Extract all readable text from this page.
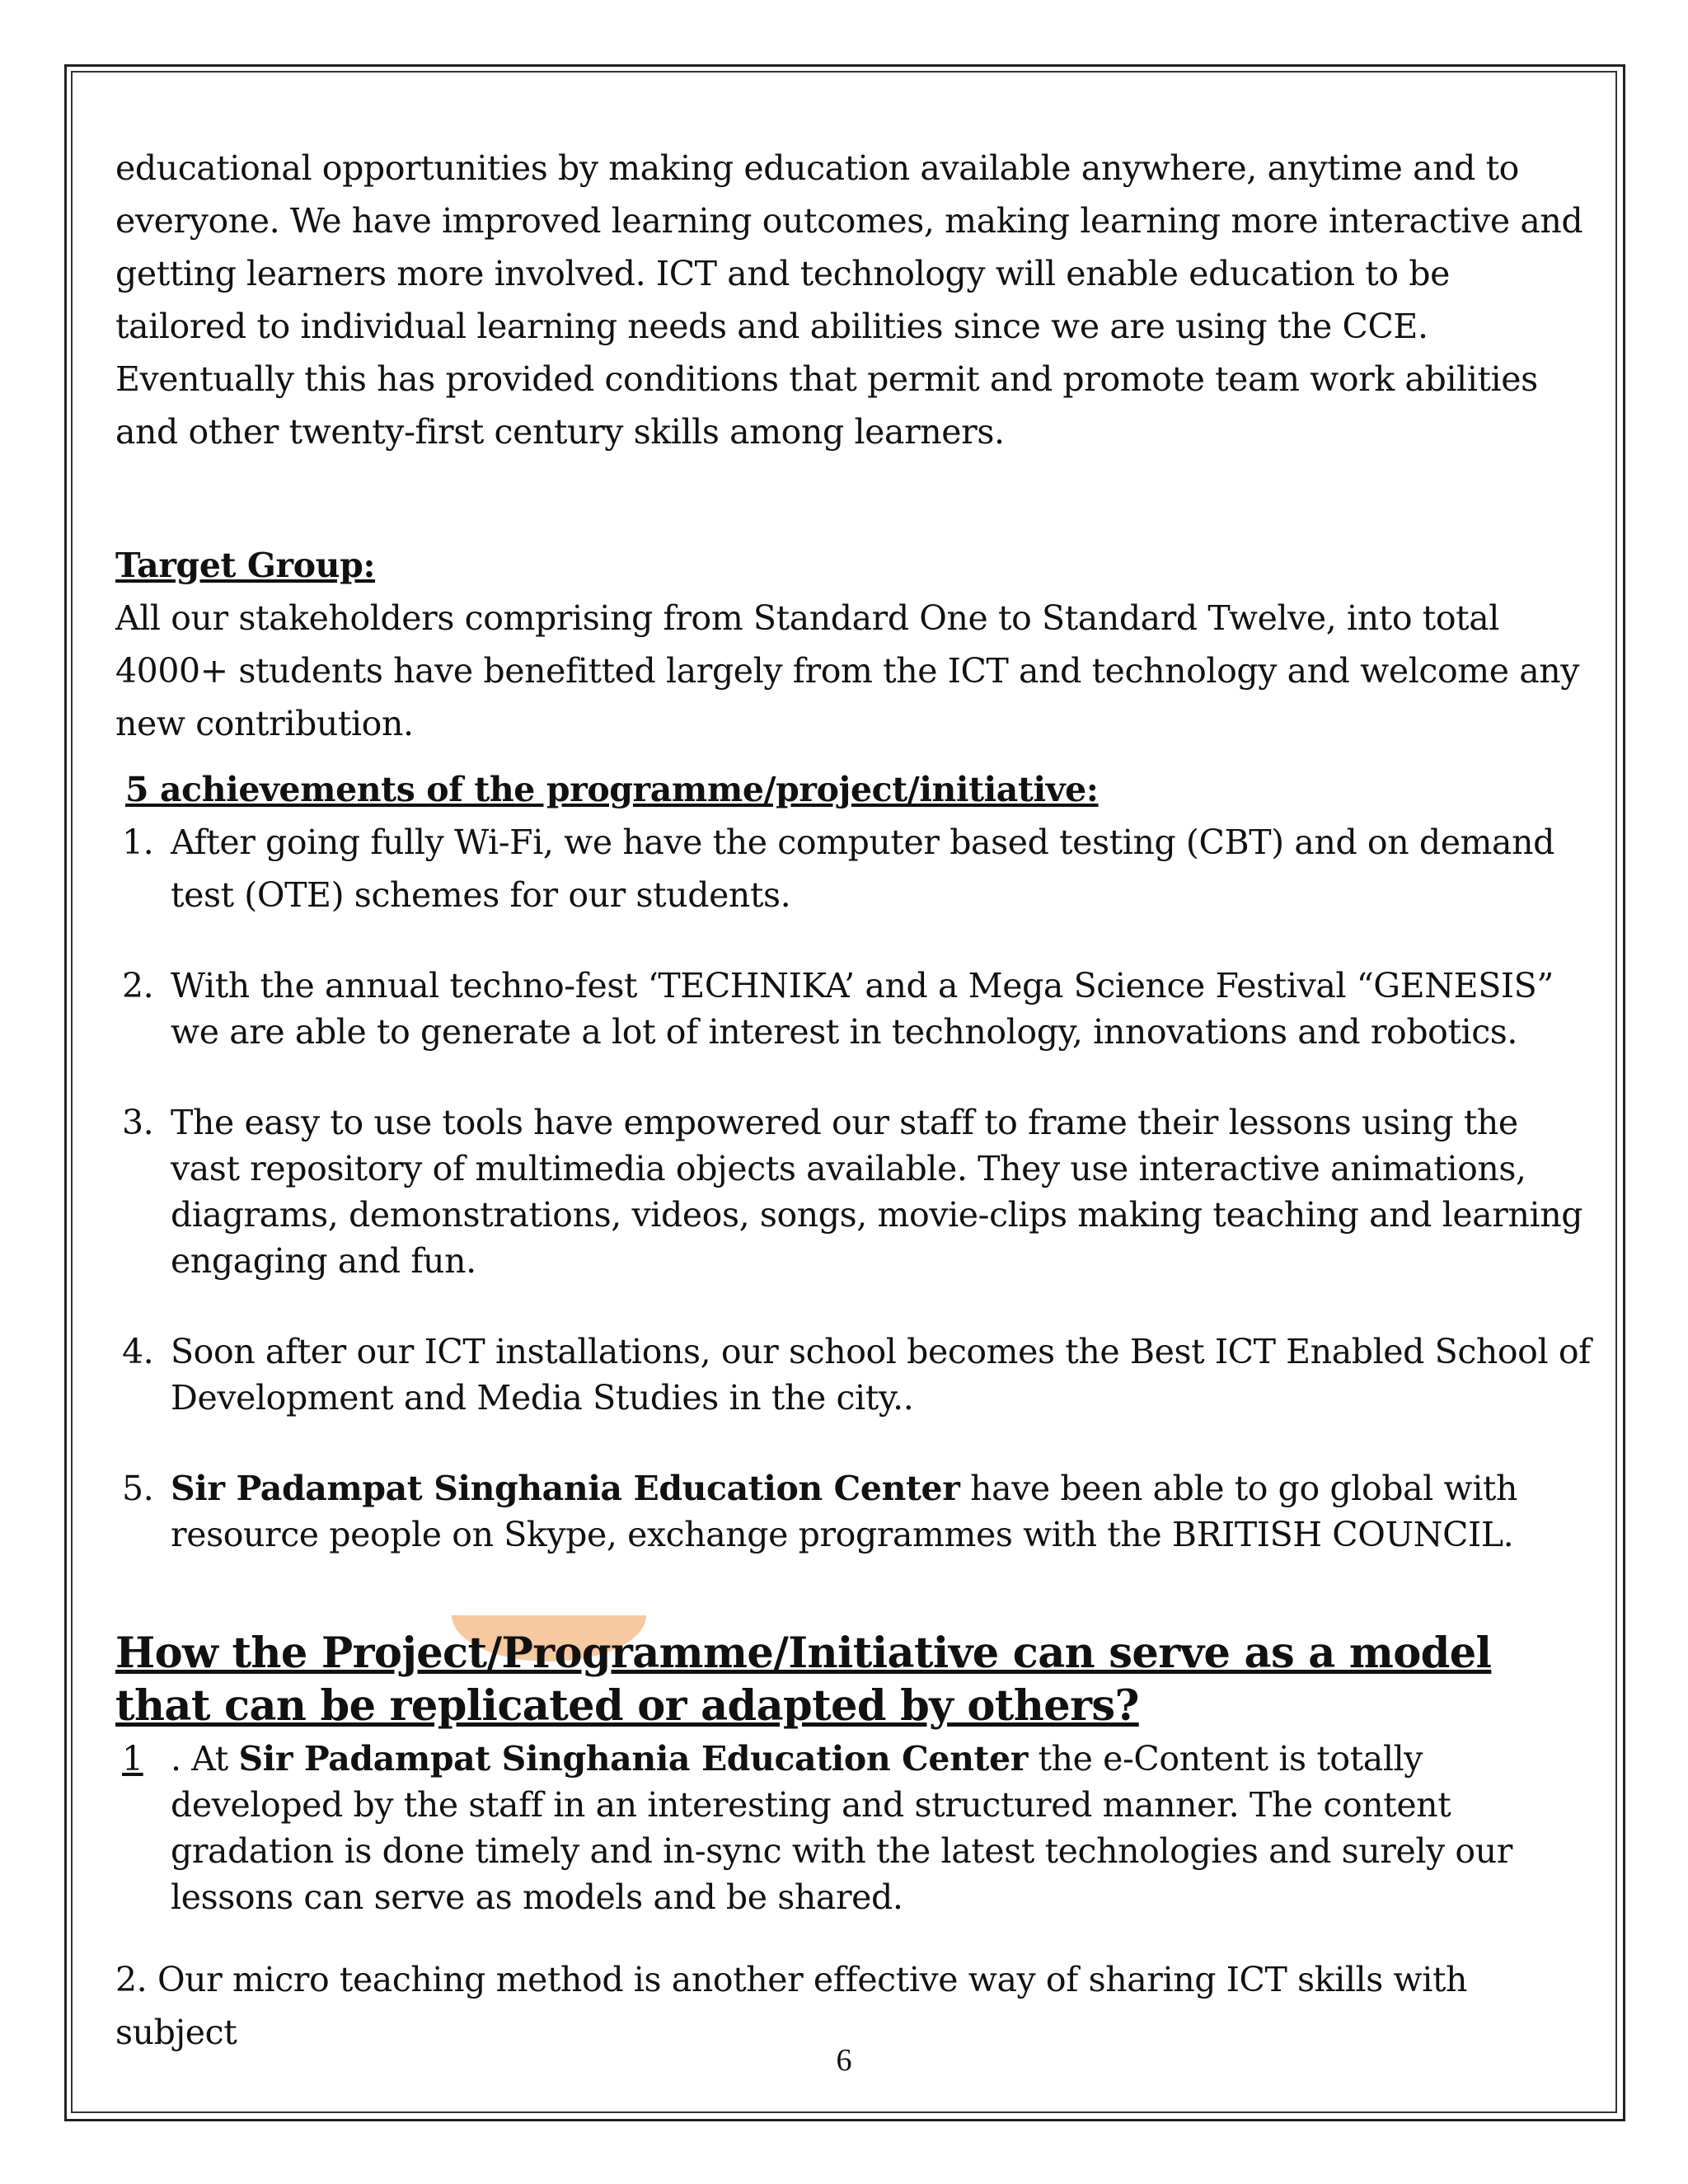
educational opportunities by making education available anywhere, anytime and to everyone. We have improved learning outcomes, making learning more interactive and getting learners more involved. ICT and technology will enable education to be tailored to individual learning needs and abilities since we are using the CCE. Eventually this has provided conditions that permit and promote team work abilities and other twenty-first century skills among learners.

Target Group:

All our stakeholders comprising from Standard One to Standard Twelve, into total 4000+ students have benefitted largely from the ICT and technology and welcome any new contribution.

5 achievements of the programme/project/initiative:

1. After going fully Wi-Fi, we have the computer based testing (CBT) and on demand test (OTE) schemes for our students.
2. With the annual techno-fest ‘TECHNIKA’ and a Mega Science Festival “GENESIS” we are able to generate a lot of interest in technology, innovations and robotics.
3. The easy to use tools have empowered our staff to frame their lessons using the vast repository of multimedia objects available. They use interactive animations, diagrams, demonstrations, videos, songs, movie-clips making teaching and learning engaging and fun.
4. Soon after our ICT installations, our school becomes the Best ICT Enabled School of Development and Media Studies in the city..
5. Sir Padampat Singhania Education Center have been able to go global with resource people on Skype, exchange programmes with the BRITISH COUNCIL.

How the Project/Programme/Initiative can serve as a model that can be replicated or adapted by others?

1 . At Sir Padampat Singhania Education Center the e-Content is totally developed by the staff in an interesting and structured manner. The content gradation is done timely and in-sync with the latest technologies and surely our lessons can serve as models and be shared.

2. Our micro teaching method is another effective way of sharing ICT skills with subject

6
